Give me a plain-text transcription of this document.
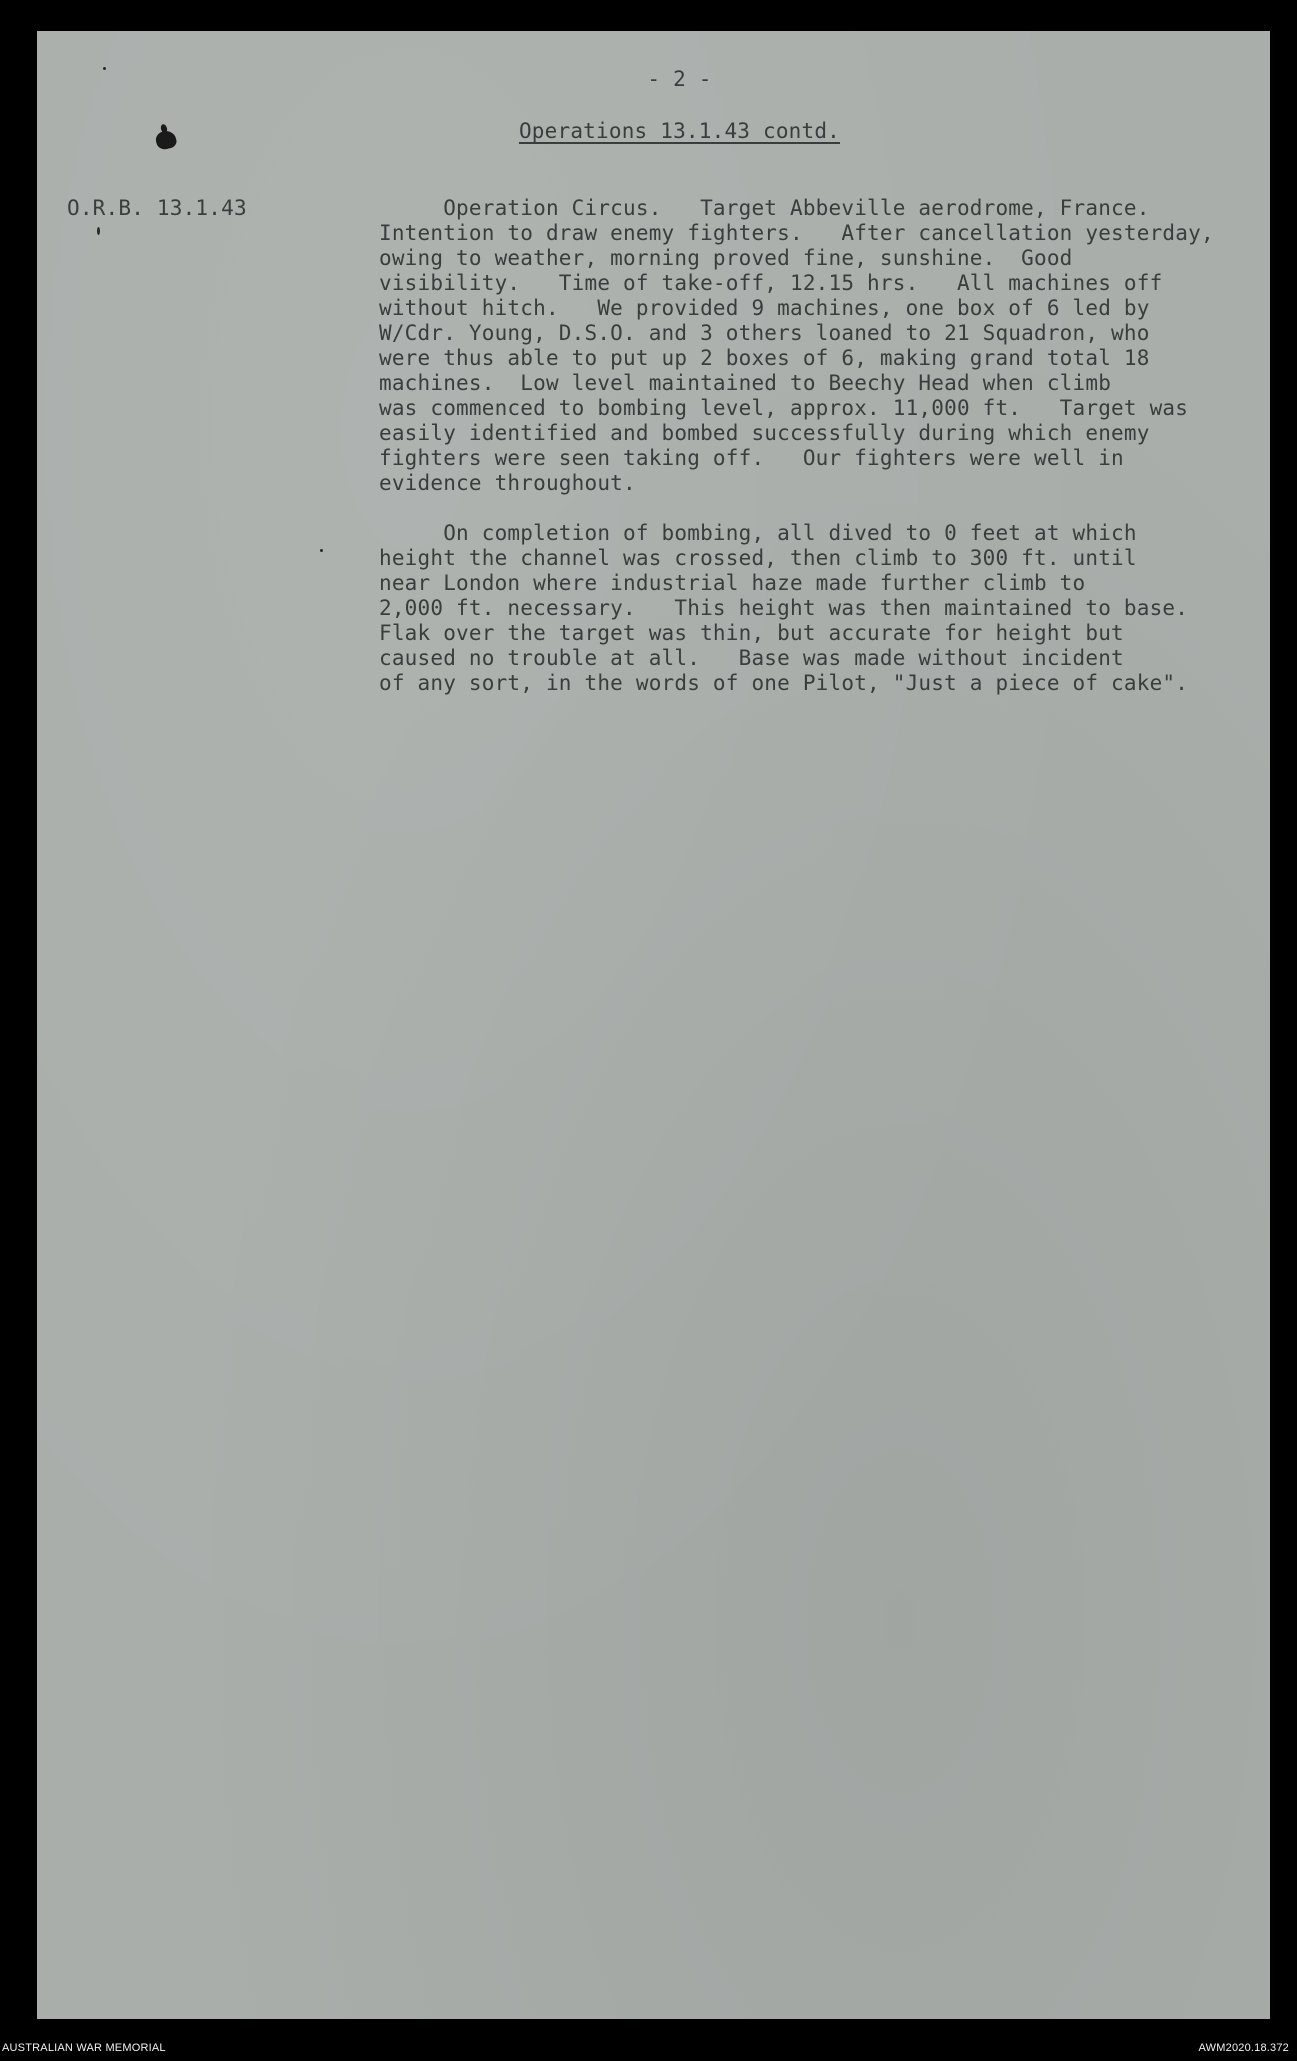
- 2 -
Operations 13.1.43 contd.
O.R.B. 13.1.43	Operation Circus.   Target Abbeville aerodrome, France.
Intention to draw enemy fighters.   After cancellation yesterday,
owing to weather, morning proved fine, sunshine.  Good
visibility.   Time of take-off, 12.15 hrs.   All machines off
without hitch.   We provided 9 machines, one box of 6 led by
W/Cdr. Young, D.S.O. and 3 others loaned to 21 Squadron, who
were thus able to put up 2 boxes of 6, making grand total 18
machines.  Low level maintained to Beechy Head when climb
was commenced to bombing level, approx. 11,000 ft.   Target was
easily identified and bombed successfully during which enemy
fighters were seen taking off.   Our fighters were well in
evidence throughout.
On completion of bombing, all dived to 0 feet at which
height the channel was crossed, then climb to 300 ft. until
near London where industrial haze made further climb to
2,000 ft. necessary.   This height was then maintained to base.
Flak over the target was thin, but accurate for height but
caused no trouble at all.   Base was made without incident
of any sort, in the words of one Pilot, "Just a piece of cake".
AUSTRALIAN WAR MEMORIAL	AWM2020.18.372
